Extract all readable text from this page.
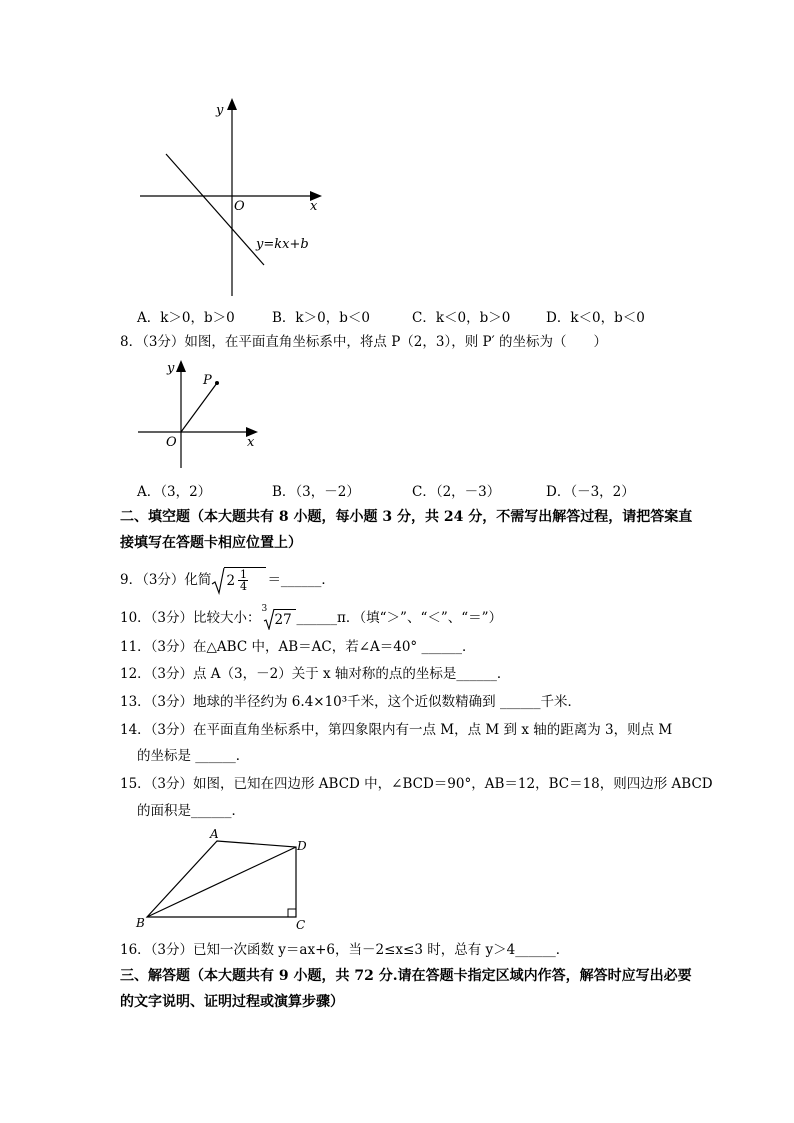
y
x
O
y=kx+b
A．k＞0，b＞0	B．k＞0，b＜0	C．k＜0，b＞0	D．k＜0，b＜0
8．（3分）如图，在平面直角坐标系中，将点 P（2，3），则 P′ 的坐标为（　　）
y
x
O
P
A．（3，2）	B．（3，－2）	C．（2，－3）	D．（－3，2）
二、填空题（本大题共有 8 小题，每小题 3 分，共 24 分，不需写出解答过程，请把答案直
接填写在答题卡相应位置上）
9．（3分）化简 2 1
4 ＝______．
10．（3分）比较大小：
3
27 ______π．（填“＞”、“＜”、“＝”）
11．（3分）在△ABC 中，AB＝AC，若∠A＝40° ______．
12．（3分）点 A（3，－2）关于 x 轴对称的点的坐标是______．
13．（3分）地球的半径约为 6.4×10³千米，这个近似数精确到 ______千米．
14．（3分）在平面直角坐标系中，第四象限内有一点 M，点 M 到 x 轴的距离为 3，则点 M
的坐标是 ______．
15．（3分）如图，已知在四边形 ABCD 中，∠BCD＝90°，AB＝12，BC＝18，则四边形 ABCD
的面积是______．
A
B	C
D
16．（3分）已知一次函数 y＝ax+6，当－2≤x≤3 时，总有 y＞4______．
三、解答题（本大题共有 9 小题，共 72 分.请在答题卡指定区域内作答，解答时应写出必要
的文字说明、证明过程或演算步骤）
